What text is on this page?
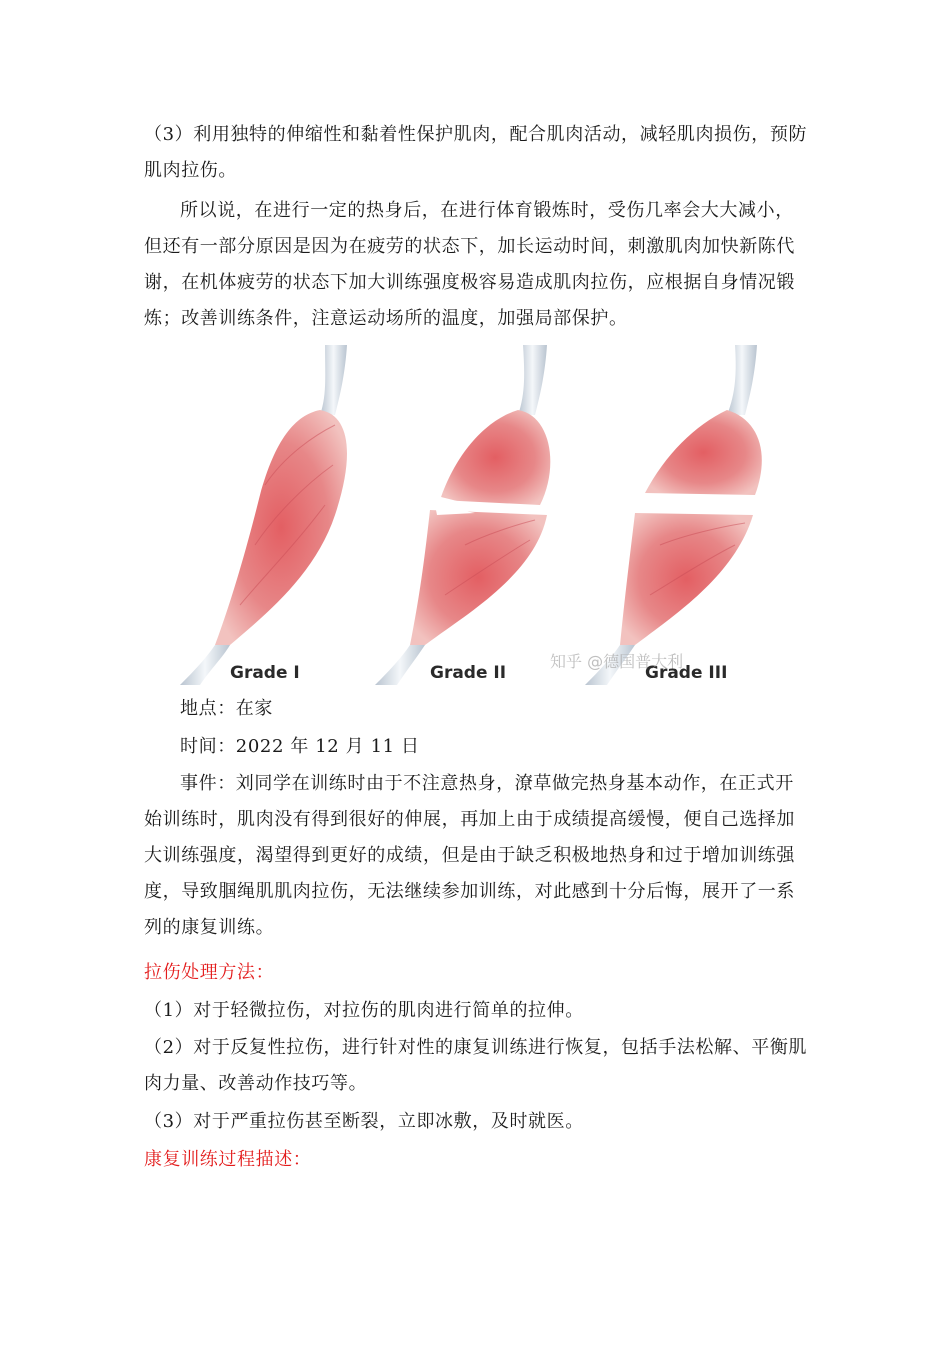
（3）利用独特的伸缩性和黏着性保护肌肉，配合肌肉活动，减轻肌肉损伤，预防肌肉拉伤。

所以说，在进行一定的热身后，在进行体育锻炼时，受伤几率会大大减小，但还有一部分原因是因为在疲劳的状态下，加长运动时间，刺激肌肉加快新陈代谢，在机体疲劳的状态下加大训练强度极容易造成肌肉拉伤，应根据自身情况锻炼；改善训练条件，注意运动场所的温度，加强局部保护。

Grade I	Grade II	Grade III
知乎 @德国普大利

地点：在家

时间：2022 年 12 月 11 日

事件：刘同学在训练时由于不注意热身，潦草做完热身基本动作，在正式开始训练时，肌肉没有得到很好的伸展，再加上由于成绩提高缓慢，便自己选择加大训练强度，渴望得到更好的成绩，但是由于缺乏积极地热身和过于增加训练强度，导致腘绳肌肌肉拉伤，无法继续参加训练，对此感到十分后悔，展开了一系列的康复训练。

拉伤处理方法：

（1）对于轻微拉伤，对拉伤的肌肉进行简单的拉伸。

（2）对于反复性拉伤，进行针对性的康复训练进行恢复，包括手法松解、平衡肌肉力量、改善动作技巧等。

（3）对于严重拉伤甚至断裂，立即冰敷，及时就医。

康复训练过程描述：
